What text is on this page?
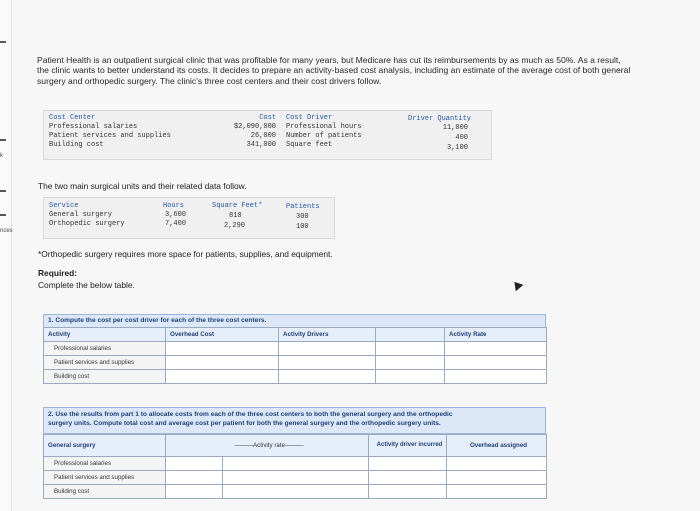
k
nces
Patient Health is an outpatient surgical clinic that was profitable for many years, but Medicare has cut its reimbursements by as much as 50%. As a result, the clinic wants to better understand its costs. It decides to prepare an activity-based cost analysis, including an estimate of the average cost of both general surgery and orthopedic surgery. The clinic's three cost centers and their cost drivers follow.
Cost Center	Cost Cost Driver	Driver Quantity
Professional salaries	$2,090,000 Professional hours	11,000
Patient services and supplies	26,000 Number of patients	400
Building cost	341,000 Square feet	3,100
The two main surgical units and their related data follow.
Service	Hours	Square Feet*	Patients
General surgery	3,600	810	300
Orthopedic surgery	7,400	2,290	100
*Orthopedic surgery requires more space for patients, supplies, and equipment.
Required:
Complete the below table.
1. Compute the cost per cost driver for each of the three cost centers.
Activity	Overhead Cost	Activity Drivers		Activity Rate
Professional salaries				
Patient services and supplies				
Building cost				
2. Use the results from part 1 to allocate costs from each of the three cost centers to both the general surgery and the orthopedic
surgery units. Compute total cost and average cost per patient for both the general surgery and the orthopedic surgery units.
General surgery	———Activity rate———		Activity driver incurred	Overhead assigned
Professional salaries				
Patient services and supplies				
Building cost				
